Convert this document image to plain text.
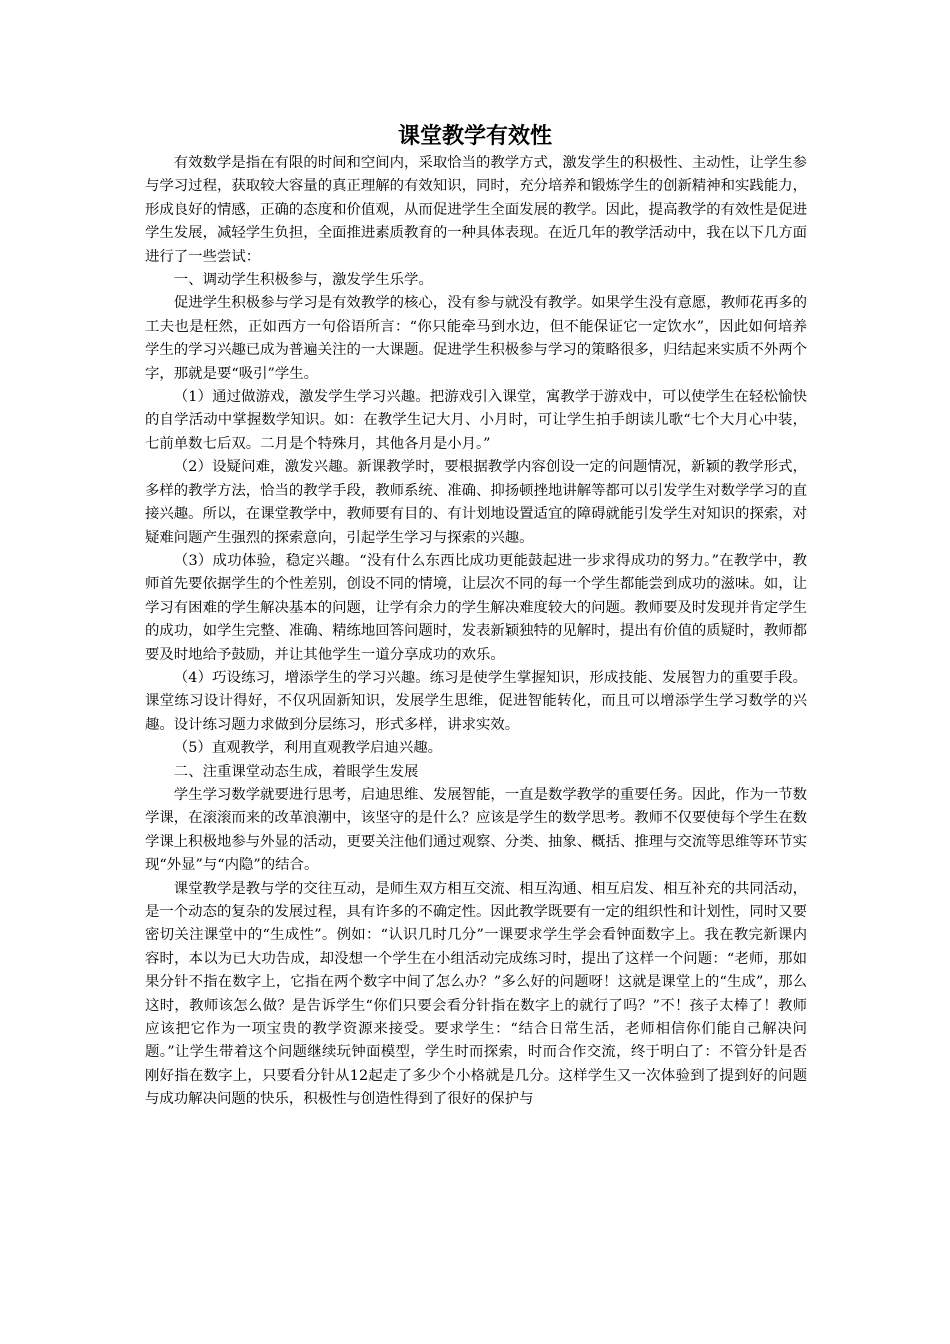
课堂教学有效性

有效数学是指在有限的时间和空间内，采取恰当的教学方式，激发学生的积极性、主动性，让学生参与学习过程，获取较大容量的真正理解的有效知识，同时，充分培养和锻炼学生的创新精神和实践能力，形成良好的情感，正确的态度和价值观，从而促进学生全面发展的教学。因此，提高教学的有效性是促进学生发展，减轻学生负担，全面推进素质教育的一种具体表现。在近几年的教学活动中，我在以下几方面进行了一些尝试：

一、调动学生积极参与，激发学生乐学。

促进学生积极参与学习是有效教学的核心，没有参与就没有教学。如果学生没有意愿，教师花再多的工夫也是枉然，正如西方一句俗语所言：“你只能牵马到水边，但不能保证它一定饮水”，因此如何培养学生的学习兴趣已成为普遍关注的一大课题。促进学生积极参与学习的策略很多，归结起来实质不外两个字，那就是要“吸引”学生。

（1）通过做游戏，激发学生学习兴趣。把游戏引入课堂，寓教学于游戏中，可以使学生在轻松愉快的自学活动中掌握数学知识。如：在教学生记大月、小月时，可让学生拍手朗读儿歌“七个大月心中装，七前单数七后双。二月是个特殊月，其他各月是小月。”

（2）设疑问难，激发兴趣。新课教学时，要根据教学内容创设一定的问题情况，新颖的教学形式，多样的教学方法，恰当的教学手段，教师系统、准确、抑扬顿挫地讲解等都可以引发学生对数学学习的直接兴趣。所以，在课堂教学中，教师要有目的、有计划地设置适宜的障碍就能引发学生对知识的探索，对疑难问题产生强烈的探索意向，引起学生学习与探索的兴趣。

（3）成功体验，稳定兴趣。“没有什么东西比成功更能鼓起进一步求得成功的努力。”在教学中，教师首先要依据学生的个性差别，创设不同的情境，让层次不同的每一个学生都能尝到成功的滋味。如，让学习有困难的学生解决基本的问题，让学有余力的学生解决难度较大的问题。教师要及时发现并肯定学生的成功，如学生完整、准确、精练地回答问题时，发表新颖独特的见解时，提出有价值的质疑时，教师都要及时地给予鼓励，并让其他学生一道分享成功的欢乐。

（4）巧设练习，增添学生的学习兴趣。练习是使学生掌握知识，形成技能、发展智力的重要手段。课堂练习设计得好，不仅巩固新知识，发展学生思维，促进智能转化，而且可以增添学生学习数学的兴趣。设计练习题力求做到分层练习，形式多样，讲求实效。

（5）直观教学，利用直观教学启迪兴趣。

二、注重课堂动态生成，着眼学生发展

学生学习数学就要进行思考，启迪思维、发展智能，一直是数学教学的重要任务。因此，作为一节数学课，在滚滚而来的改革浪潮中，该坚守的是什么？应该是学生的数学思考。教师不仅要使每个学生在数学课上积极地参与外显的活动，更要关注他们通过观察、分类、抽象、概括、推理与交流等思维等环节实现“外显”与“内隐”的结合。

课堂教学是教与学的交往互动，是师生双方相互交流、相互沟通、相互启发、相互补充的共同活动，是一个动态的复杂的发展过程，具有许多的不确定性。因此教学既要有一定的组织性和计划性，同时又要密切关注课堂中的“生成性”。例如：“认识几时几分”一课要求学生学会看钟面数字上。我在教完新课内容时，本以为已大功告成，却没想一个学生在小组活动完成练习时，提出了这样一个问题：“老师，那如果分针不指在数字上，它指在两个数字中间了怎么办？”多么好的问题呀！这就是课堂上的“生成”，那么这时，教师该怎么做？是告诉学生“你们只要会看分针指在数字上的就行了吗？”不！孩子太棒了！教师应该把它作为一项宝贵的教学资源来接受。要求学生：“结合日常生活，老师相信你们能自己解决问题。”让学生带着这个问题继续玩钟面模型，学生时而探索，时而合作交流，终于明白了：不管分针是否刚好指在数字上，只要看分针从12起走了多少个小格就是几分。这样学生又一次体验到了提到好的问题与成功解决问题的快乐，积极性与创造性得到了很好的保护与
